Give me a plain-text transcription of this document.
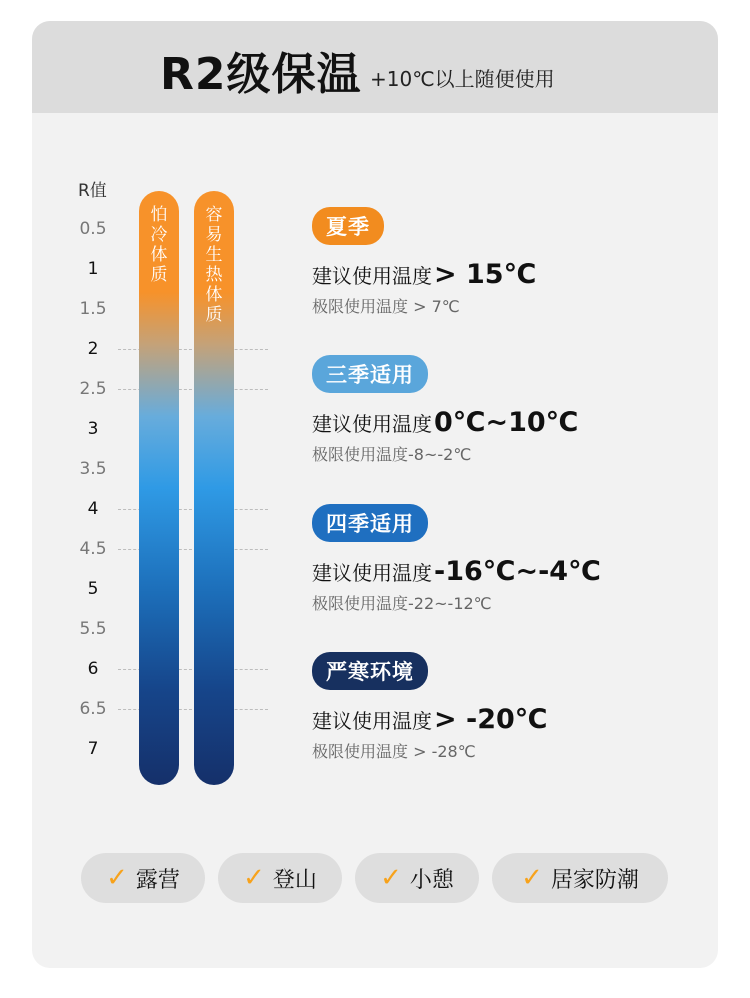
R2级保温 +10℃以上随便使用
R值
0.5
1
1.5
2
2.5
3
3.5
4
4.5
5
5.5
6
6.5
7
怕冷体质
容易生热体质
夏季
建议使用温度> 15℃
极限使用温度 > 7℃
三季适用
建议使用温度0℃~10℃
极限使用温度-8~-2℃
四季适用
建议使用温度-16℃~-4℃
极限使用温度-22~-12℃
严寒环境
建议使用温度> -20℃
极限使用温度 > -28℃
✓ 露营 ✓ 登山 ✓ 小憩	✓ 居家防潮
